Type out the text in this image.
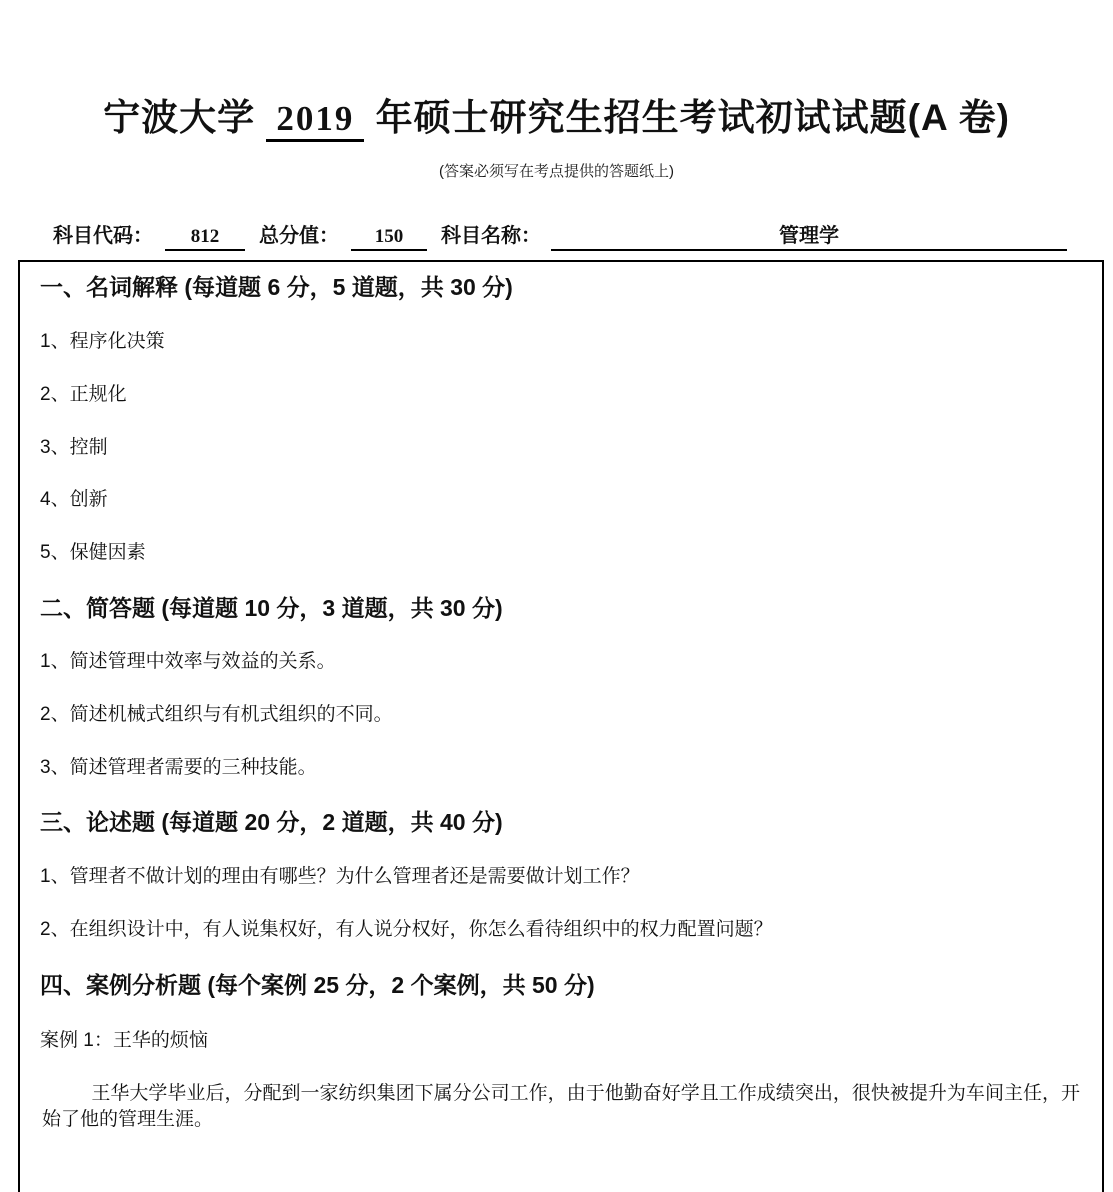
宁波大学 2019 年硕士研究生招生考试初试试题(A 卷)
(答案必须写在考点提供的答题纸上)
科目代码：	812	总分值：	150	科目名称：	管理学
一、名词解释 (每道题 6 分，5 道题，共 30 分)

1、程序化决策

2、正规化

3、控制

4、创新

5、保健因素

二、简答题 (每道题 10 分，3 道题，共 30 分)

1、简述管理中效率与效益的关系。

2、简述机械式组织与有机式组织的不同。

3、简述管理者需要的三种技能。

三、论述题 (每道题 20 分，2 道题，共 40 分)

1、管理者不做计划的理由有哪些？为什么管理者还是需要做计划工作？

2、在组织设计中，有人说集权好，有人说分权好，你怎么看待组织中的权力配置问题？

四、案例分析题 (每个案例 25 分，2 个案例，共 50 分)

案例 1：王华的烦恼

王华大学毕业后，分配到一家纺织集团下属分公司工作，由于他勤奋好学且工作成绩突出，很快被提升为车间主任，开始了他的管理生涯。
